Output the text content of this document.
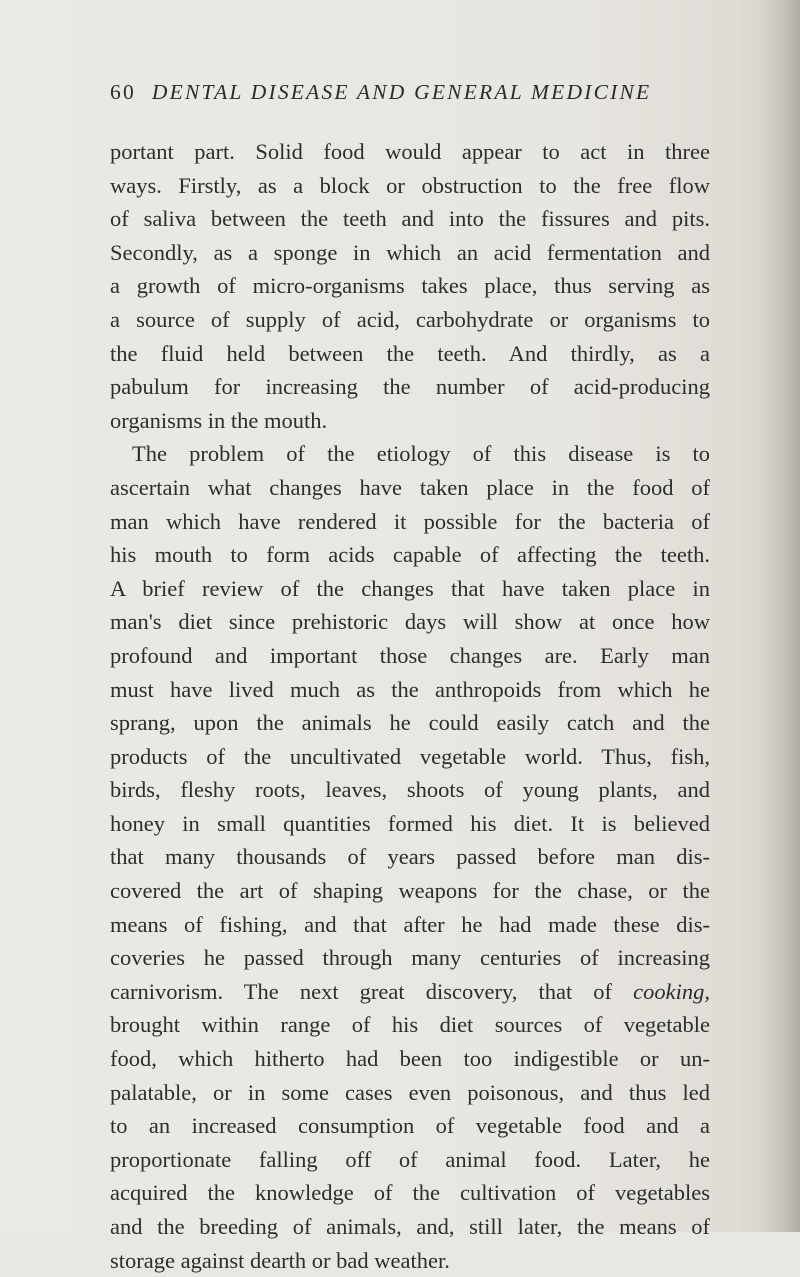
60 DENTAL DISEASE AND GENERAL MEDICINE
portant part. Solid food would appear to act in three
ways. Firstly, as a block or obstruction to the free flow
of saliva between the teeth and into the fissures and pits.
Secondly, as a sponge in which an acid fermentation and
a growth of micro-organisms takes place, thus serving as
a source of supply of acid, carbohydrate or organisms to
the fluid held between the teeth. And thirdly, as a
pabulum for increasing the number of acid-producing
organisms in the mouth.
The problem of the etiology of this disease is to
ascertain what changes have taken place in the food of
man which have rendered it possible for the bacteria of
his mouth to form acids capable of affecting the teeth.
A brief review of the changes that have taken place in
man's diet since prehistoric days will show at once how
profound and important those changes are. Early man
must have lived much as the anthropoids from which he
sprang, upon the animals he could easily catch and the
products of the uncultivated vegetable world. Thus, fish,
birds, fleshy roots, leaves, shoots of young plants, and
honey in small quantities formed his diet. It is believed
that many thousands of years passed before man dis-
covered the art of shaping weapons for the chase, or the
means of fishing, and that after he had made these dis-
coveries he passed through many centuries of increasing
carnivorism. The next great discovery, that of cooking,
brought within range of his diet sources of vegetable
food, which hitherto had been too indigestible or un-
palatable, or in some cases even poisonous, and thus led
to an increased consumption of vegetable food and a
proportionate falling off of animal food. Later, he
acquired the knowledge of the cultivation of vegetables
and the breeding of animals, and, still later, the means of
storage against dearth or bad weather.
